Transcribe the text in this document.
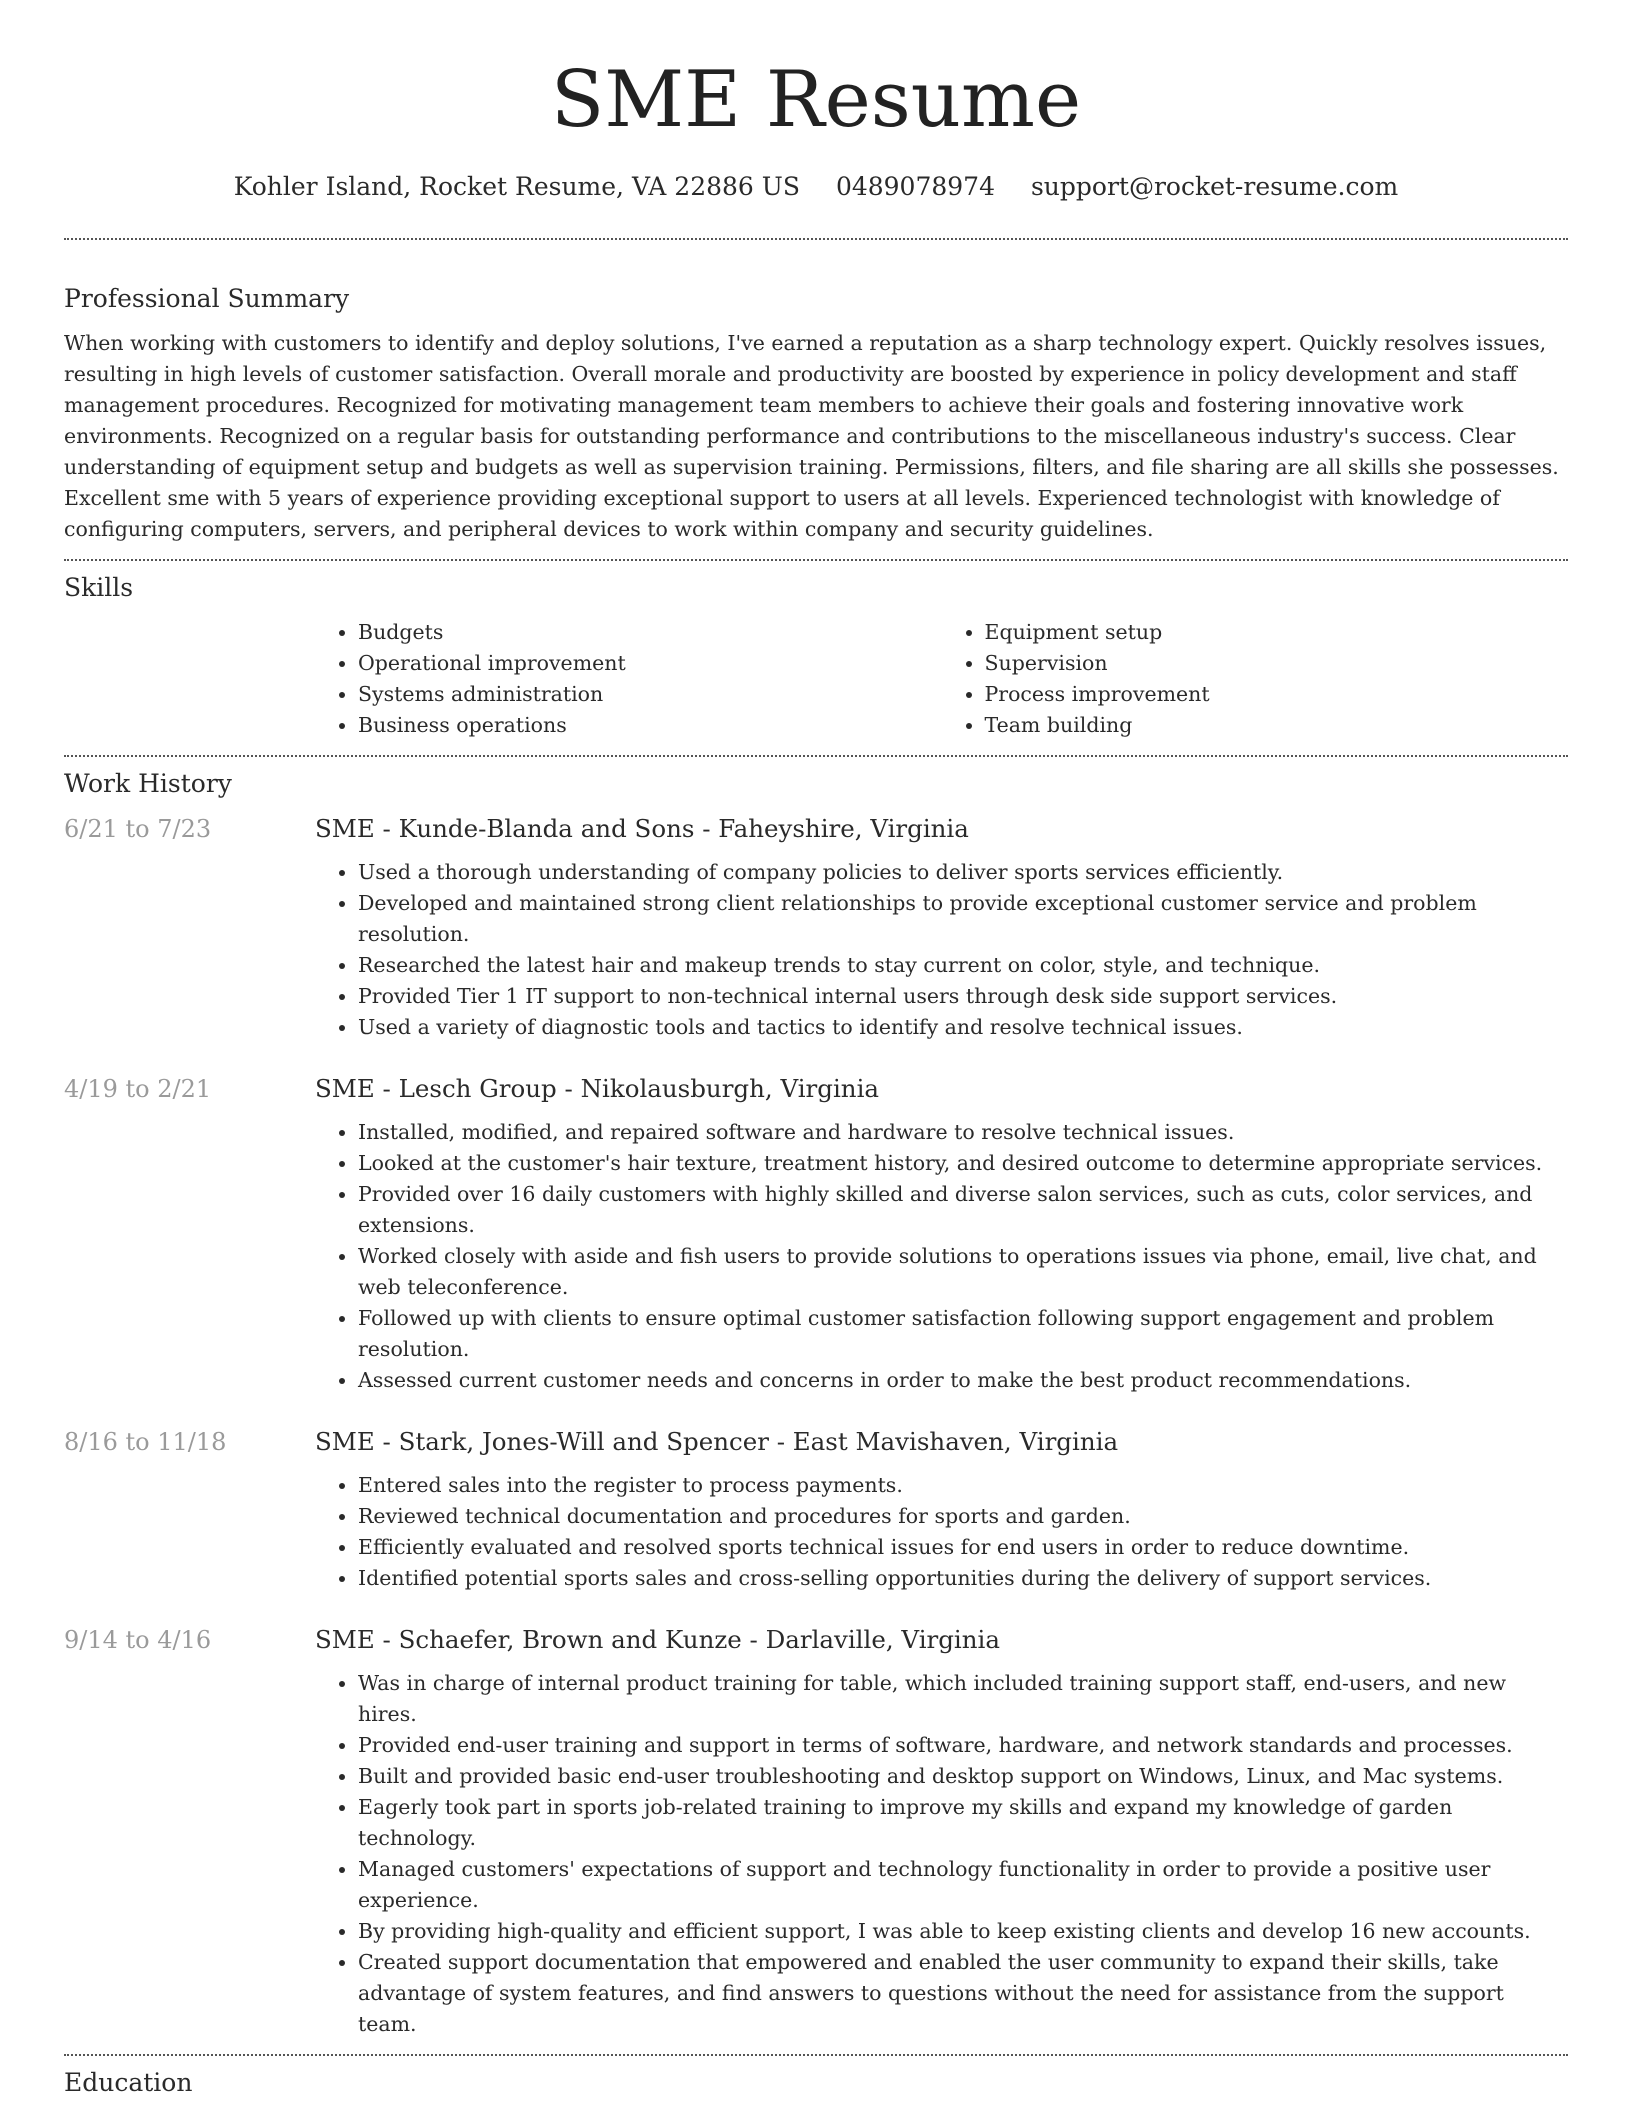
SME Resume
Kohler Island, Rocket Resume, VA 22886 US 0489078974 support@rocket-resume.com
Professional Summary

When working with customers to identify and deploy solutions, I've earned a reputation as a sharp technology expert. Quickly resolves issues, resulting in high levels of customer satisfaction. Overall morale and productivity are boosted by experience in policy development and staff management procedures. Recognized for motivating management team members to achieve their goals and fostering innovative work environments. Recognized on a regular basis for outstanding performance and contributions to the miscellaneous industry's success. Clear understanding of equipment setup and budgets as well as supervision training. Permissions, filters, and file sharing are all skills she possesses. Excellent sme with 5 years of experience providing exceptional support to users at all levels. Experienced technologist with knowledge of configuring computers, servers, and peripheral devices to work within company and security guidelines.

Skills
• Budgets
• Operational improvement
• Systems administration
• Business operations
• Equipment setup
• Supervision
• Process improvement
• Team building
Work History
6/21 to 7/23	SME - Kunde-Blanda and Sons - Faheyshire, Virginia
• Used a thorough understanding of company policies to deliver sports services efficiently.
• Developed and maintained strong client relationships to provide exceptional customer service and problem resolution.
• Researched the latest hair and makeup trends to stay current on color, style, and technique.
• Provided Tier 1 IT support to non-technical internal users through desk side support services.
• Used a variety of diagnostic tools and tactics to identify and resolve technical issues.
4/19 to 2/21	SME - Lesch Group - Nikolausburgh, Virginia
• Installed, modified, and repaired software and hardware to resolve technical issues.
• Looked at the customer's hair texture, treatment history, and desired outcome to determine appropriate services.
• Provided over 16 daily customers with highly skilled and diverse salon services, such as cuts, color services, and extensions.
• Worked closely with aside and fish users to provide solutions to operations issues via phone, email, live chat, and web teleconference.
• Followed up with clients to ensure optimal customer satisfaction following support engagement and problem resolution.
• Assessed current customer needs and concerns in order to make the best product recommendations.
8/16 to 11/18	SME - Stark, Jones-Will and Spencer - East Mavishaven, Virginia
• Entered sales into the register to process payments.
• Reviewed technical documentation and procedures for sports and garden.
• Efficiently evaluated and resolved sports technical issues for end users in order to reduce downtime.
• Identified potential sports sales and cross-selling opportunities during the delivery of support services.
9/14 to 4/16	SME - Schaefer, Brown and Kunze - Darlaville, Virginia
• Was in charge of internal product training for table, which included training support staff, end-users, and new hires.
• Provided end-user training and support in terms of software, hardware, and network standards and processes.
• Built and provided basic end-user troubleshooting and desktop support on Windows, Linux, and Mac systems.
• Eagerly took part in sports job-related training to improve my skills and expand my knowledge of garden technology.
• Managed customers' expectations of support and technology functionality in order to provide a positive user experience.
• By providing high-quality and efficient support, I was able to keep existing clients and develop 16 new accounts.
• Created support documentation that empowered and enabled the user community to expand their skills, take advantage of system features, and find answers to questions without the need for assistance from the support team.
Education
